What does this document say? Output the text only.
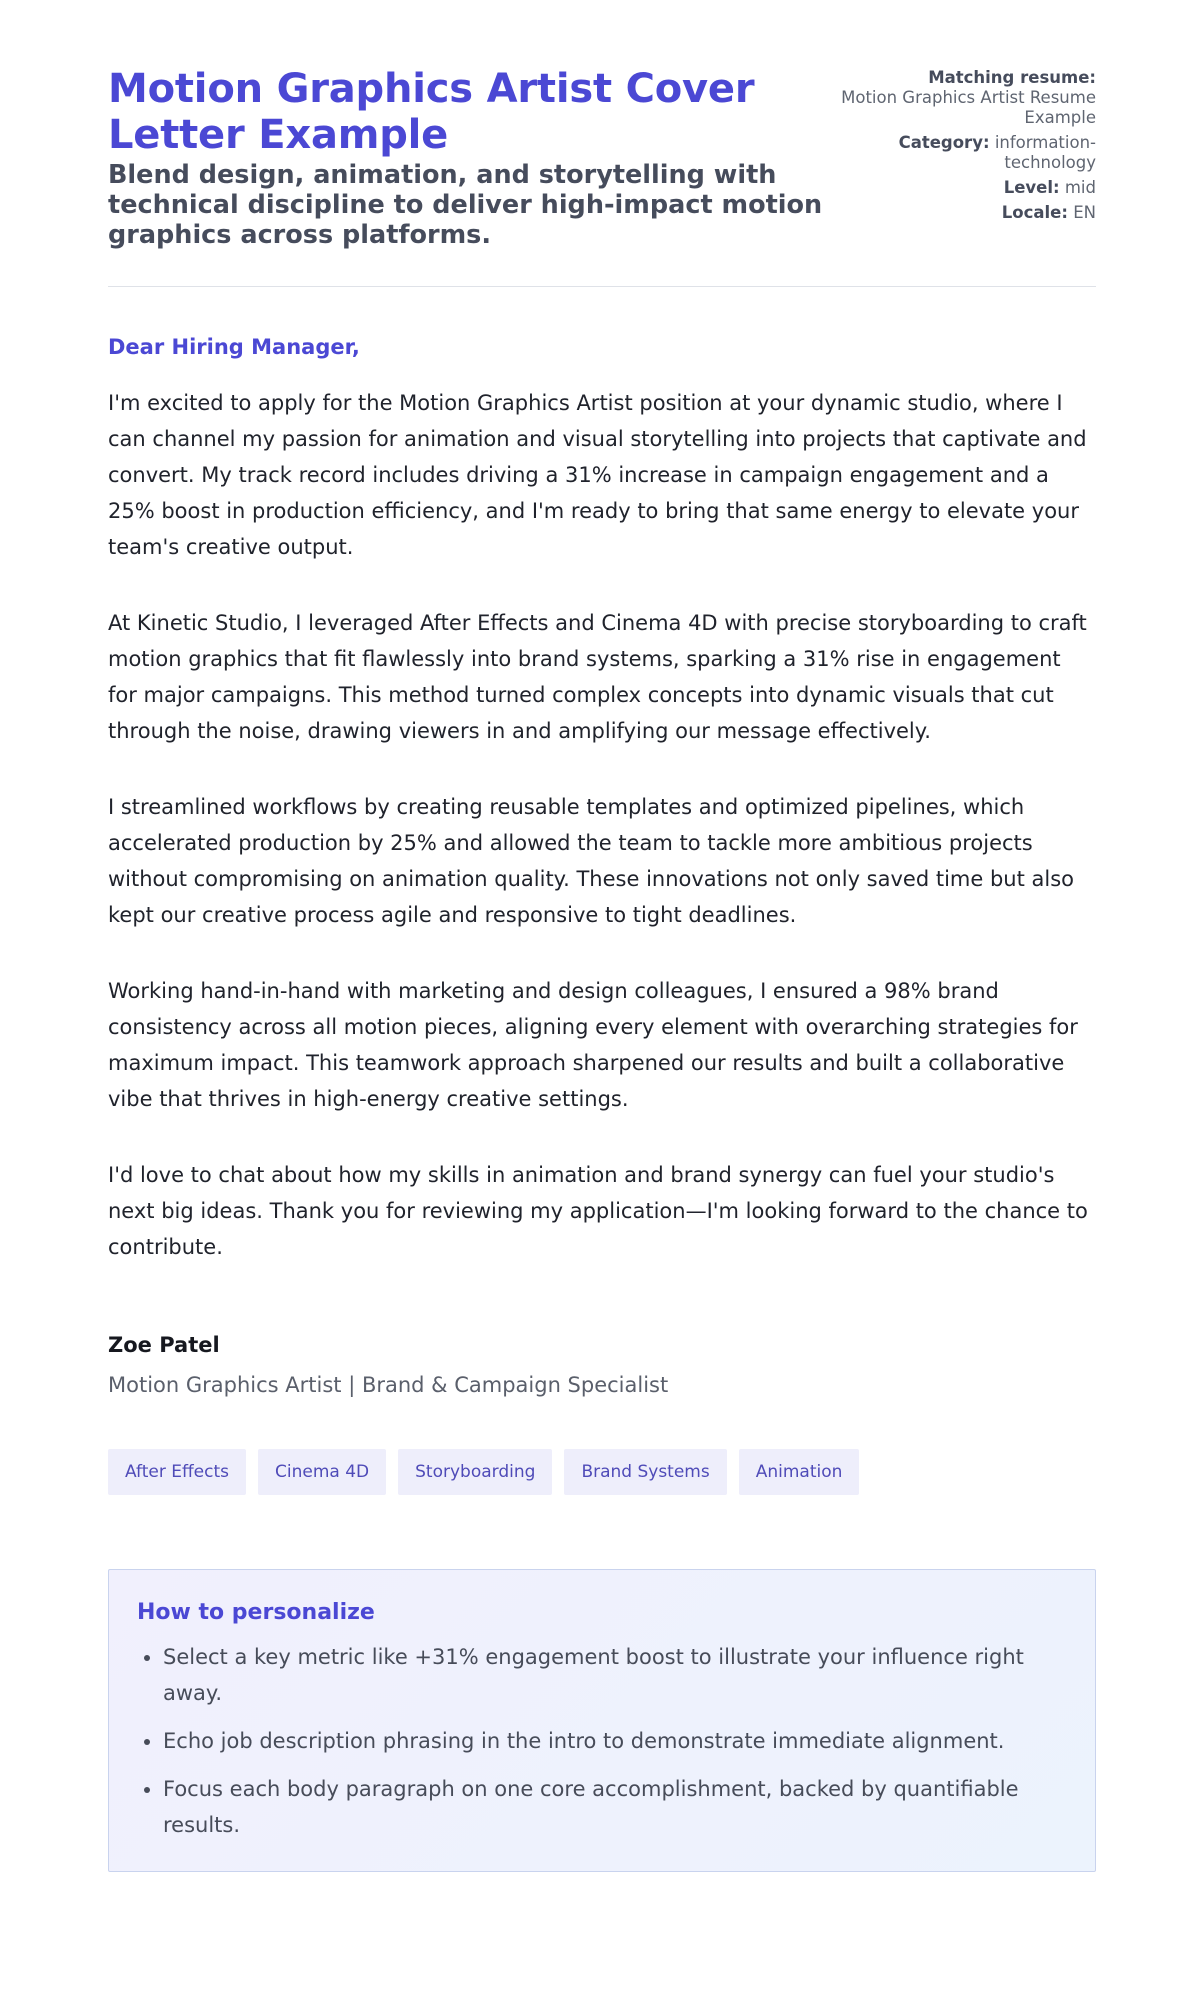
Motion Graphics Artist Cover Letter Example

Blend design, animation, and storytelling with technical discipline to deliver high-impact motion graphics across platforms.

Matching resume:
Motion Graphics Artist Resume Example
Category: information-technology
Level: mid
Locale: EN

Dear Hiring Manager,

I'm excited to apply for the Motion Graphics Artist position at your dynamic studio, where I can channel my passion for animation and visual storytelling into projects that captivate and convert. My track record includes driving a 31% increase in campaign engagement and a 25% boost in production efficiency, and I'm ready to bring that same energy to elevate your team's creative output.

At Kinetic Studio, I leveraged After Effects and Cinema 4D with precise storyboarding to craft motion graphics that fit flawlessly into brand systems, sparking a 31% rise in engagement for major campaigns. This method turned complex concepts into dynamic visuals that cut through the noise, drawing viewers in and amplifying our message effectively.

I streamlined workflows by creating reusable templates and optimized pipelines, which accelerated production by 25% and allowed the team to tackle more ambitious projects without compromising on animation quality. These innovations not only saved time but also kept our creative process agile and responsive to tight deadlines.

Working hand-in-hand with marketing and design colleagues, I ensured a 98% brand consistency across all motion pieces, aligning every element with overarching strategies for maximum impact. This teamwork approach sharpened our results and built a collaborative vibe that thrives in high-energy creative settings.

I'd love to chat about how my skills in animation and brand synergy can fuel your studio's next big ideas. Thank you for reviewing my application—I'm looking forward to the chance to contribute.

Zoe Patel

Motion Graphics Artist | Brand & Campaign Specialist

After Effects	Cinema 4D	Storyboarding	Brand Systems	Animation
How to personalize
• Select a key metric like +31% engagement boost to illustrate your influence right away.
• Echo job description phrasing in the intro to demonstrate immediate alignment.
• Focus each body paragraph on one core accomplishment, backed by quantifiable results.
